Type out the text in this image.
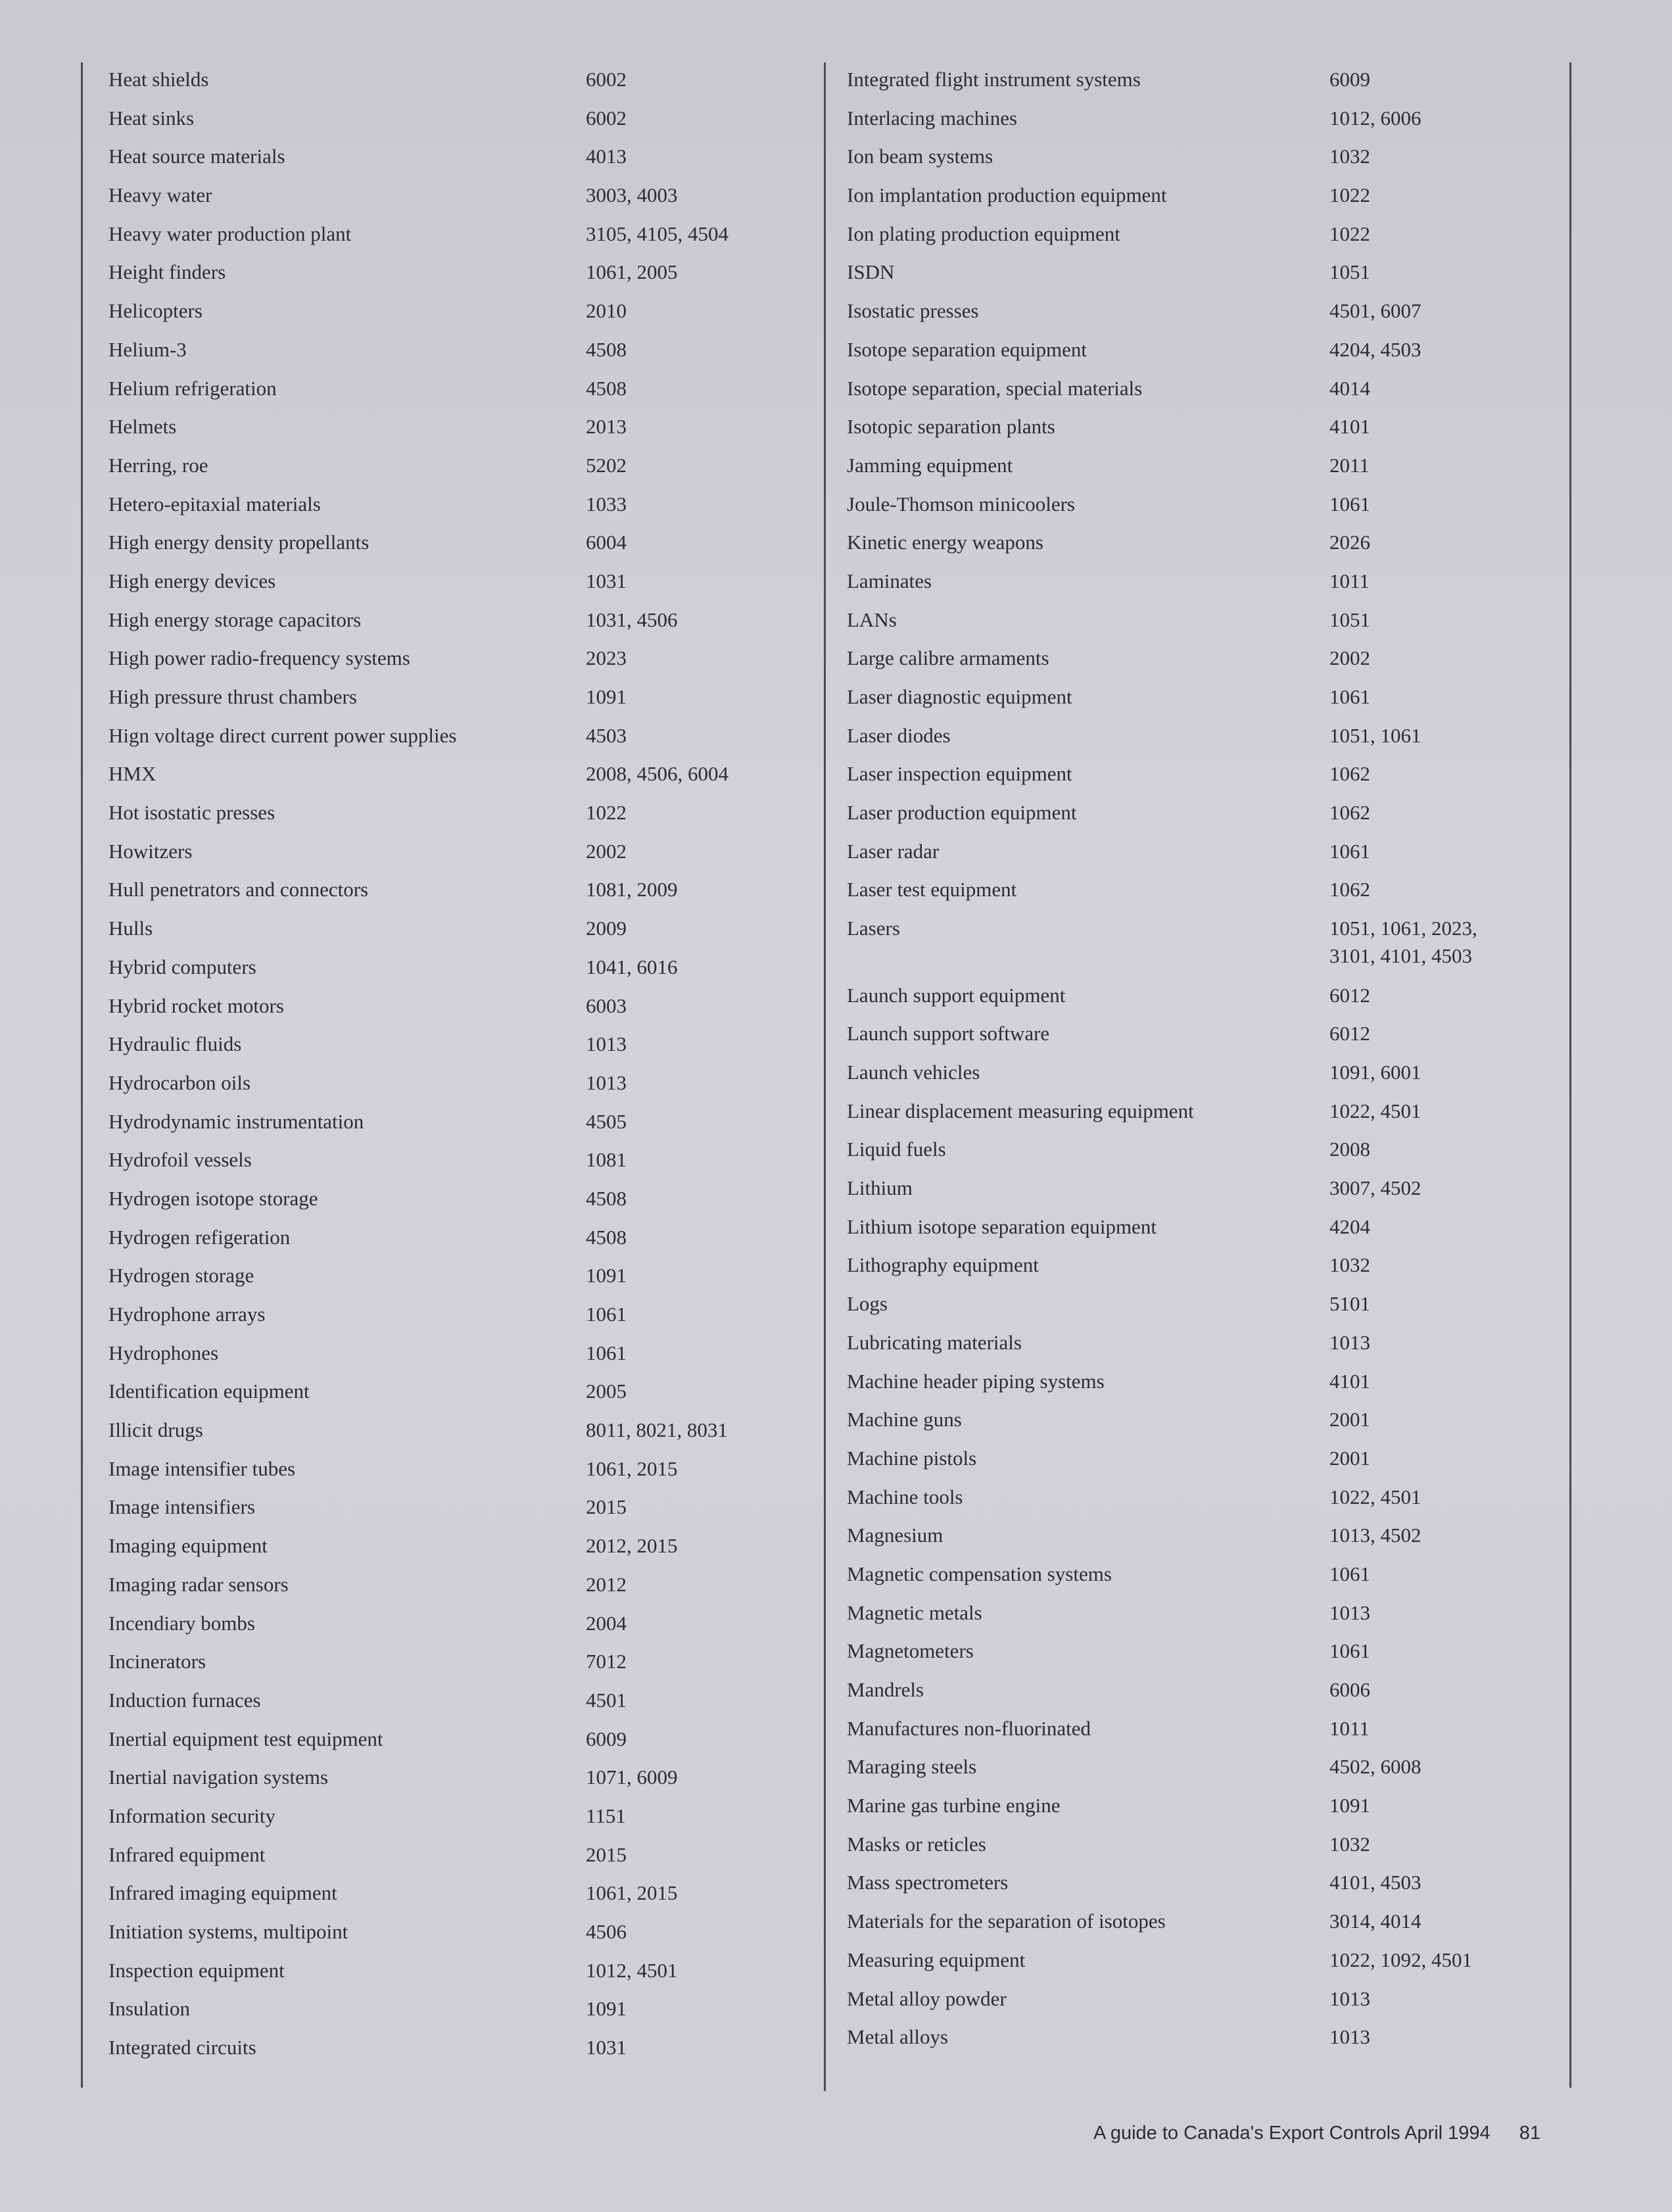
Heat shields	6002
Heat sinks	6002
Heat source materials	4013
Heavy water	3003, 4003
Heavy water production plant	3105, 4105, 4504
Height finders	1061, 2005
Helicopters	2010
Helium-3	4508
Helium refrigeration	4508
Helmets	2013
Herring, roe	5202
Hetero-epitaxial materials	1033
High energy density propellants	6004
High energy devices	1031
High energy storage capacitors	1031, 4506
High power radio-frequency systems	2023
High pressure thrust chambers	1091
Hign voltage direct current power supplies	4503
HMX	2008, 4506, 6004
Hot isostatic presses	1022
Howitzers	2002
Hull penetrators and connectors	1081, 2009
Hulls	2009
Hybrid computers	1041, 6016
Hybrid rocket motors	6003
Hydraulic fluids	1013
Hydrocarbon oils	1013
Hydrodynamic instrumentation	4505
Hydrofoil vessels	1081
Hydrogen isotope storage	4508
Hydrogen refigeration	4508
Hydrogen storage	1091
Hydrophone arrays	1061
Hydrophones	1061
Identification equipment	2005
Illicit drugs	8011, 8021, 8031
Image intensifier tubes	1061, 2015
Image intensifiers	2015
Imaging equipment	2012, 2015
Imaging radar sensors	2012
Incendiary bombs	2004
Incinerators	7012
Induction furnaces	4501
Inertial equipment test equipment	6009
Inertial navigation systems	1071, 6009
Information security	1151
Infrared equipment	2015
Infrared imaging equipment	1061, 2015
Initiation systems, multipoint	4506
Inspection equipment	1012, 4501
Insulation	1091
Integrated circuits	1031
Integrated flight instrument systems	6009
Interlacing machines	1012, 6006
Ion beam systems	1032
Ion implantation production equipment	1022
Ion plating production equipment	1022
ISDN	1051
Isostatic presses	4501, 6007
Isotope separation equipment	4204, 4503
Isotope separation, special materials	4014
Isotopic separation plants	4101
Jamming equipment	2011
Joule-Thomson minicoolers	1061
Kinetic energy weapons	2026
Laminates	1011
LANs	1051
Large calibre armaments	2002
Laser diagnostic equipment	1061
Laser diodes	1051, 1061
Laser inspection equipment	1062
Laser production equipment	1062
Laser radar	1061
Laser test equipment	1062
Lasers	1051, 1061, 2023, 3101, 4101, 4503
Launch support equipment	6012
Launch support software	6012
Launch vehicles	1091, 6001
Linear displacement measuring equipment	1022, 4501
Liquid fuels	2008
Lithium	3007, 4502
Lithium isotope separation equipment	4204
Lithography equipment	1032
Logs	5101
Lubricating materials	1013
Machine header piping systems	4101
Machine guns	2001
Machine pistols	2001
Machine tools	1022, 4501
Magnesium	1013, 4502
Magnetic compensation systems	1061
Magnetic metals	1013
Magnetometers	1061
Mandrels	6006
Manufactures non-fluorinated	1011
Maraging steels	4502, 6008
Marine gas turbine engine	1091
Masks or reticles	1032
Mass spectrometers	4101, 4503
Materials for the separation of isotopes	3014, 4014
Measuring equipment	1022, 1092, 4501
Metal alloy powder	1013
Metal alloys	1013
A guide to Canada's Export Controls April 1994 81
